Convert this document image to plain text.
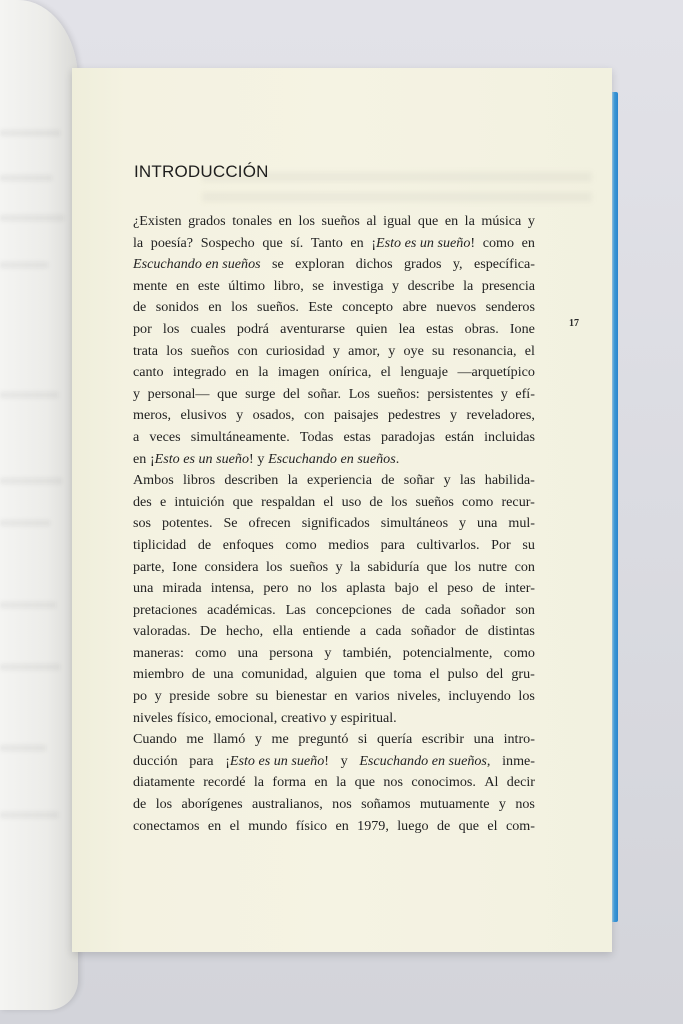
INTRODUCCIÓN
17
¿Existen grados tonales en los sueños al igual que en la música y
la poesía? Sospecho que sí. Tanto en ¡Esto es un sueño! como en
Escuchando en sueños se exploran dichos grados y, específica-
mente en este último libro, se investiga y describe la presencia
de sonidos en los sueños. Este concepto abre nuevos senderos
por los cuales podrá aventurarse quien lea estas obras. Ione
trata los sueños con curiosidad y amor, y oye su resonancia, el
canto integrado en la imagen onírica, el lenguaje —arquetípico
y personal— que surge del soñar. Los sueños: persistentes y efí-
meros, elusivos y osados, con paisajes pedestres y reveladores,
a veces simultáneamente. Todas estas paradojas están incluidas
en ¡Esto es un sueño! y Escuchando en sueños.
Ambos libros describen la experiencia de soñar y las habilida-
des e intuición que respaldan el uso de los sueños como recur-
sos potentes. Se ofrecen significados simultáneos y una mul-
tiplicidad de enfoques como medios para cultivarlos. Por su
parte, Ione considera los sueños y la sabiduría que los nutre con
una mirada intensa, pero no los aplasta bajo el peso de inter-
pretaciones académicas. Las concepciones de cada soñador son
valoradas. De hecho, ella entiende a cada soñador de distintas
maneras: como una persona y también, potencialmente, como
miembro de una comunidad, alguien que toma el pulso del gru-
po y preside sobre su bienestar en varios niveles, incluyendo los
niveles físico, emocional, creativo y espiritual.
Cuando me llamó y me preguntó si quería escribir una intro-
ducción para ¡Esto es un sueño! y Escuchando en sueños, inme-
diatamente recordé la forma en la que nos conocimos. Al decir
de los aborígenes australianos, nos soñamos mutuamente y nos
conectamos en el mundo físico en 1979, luego de que el com-
